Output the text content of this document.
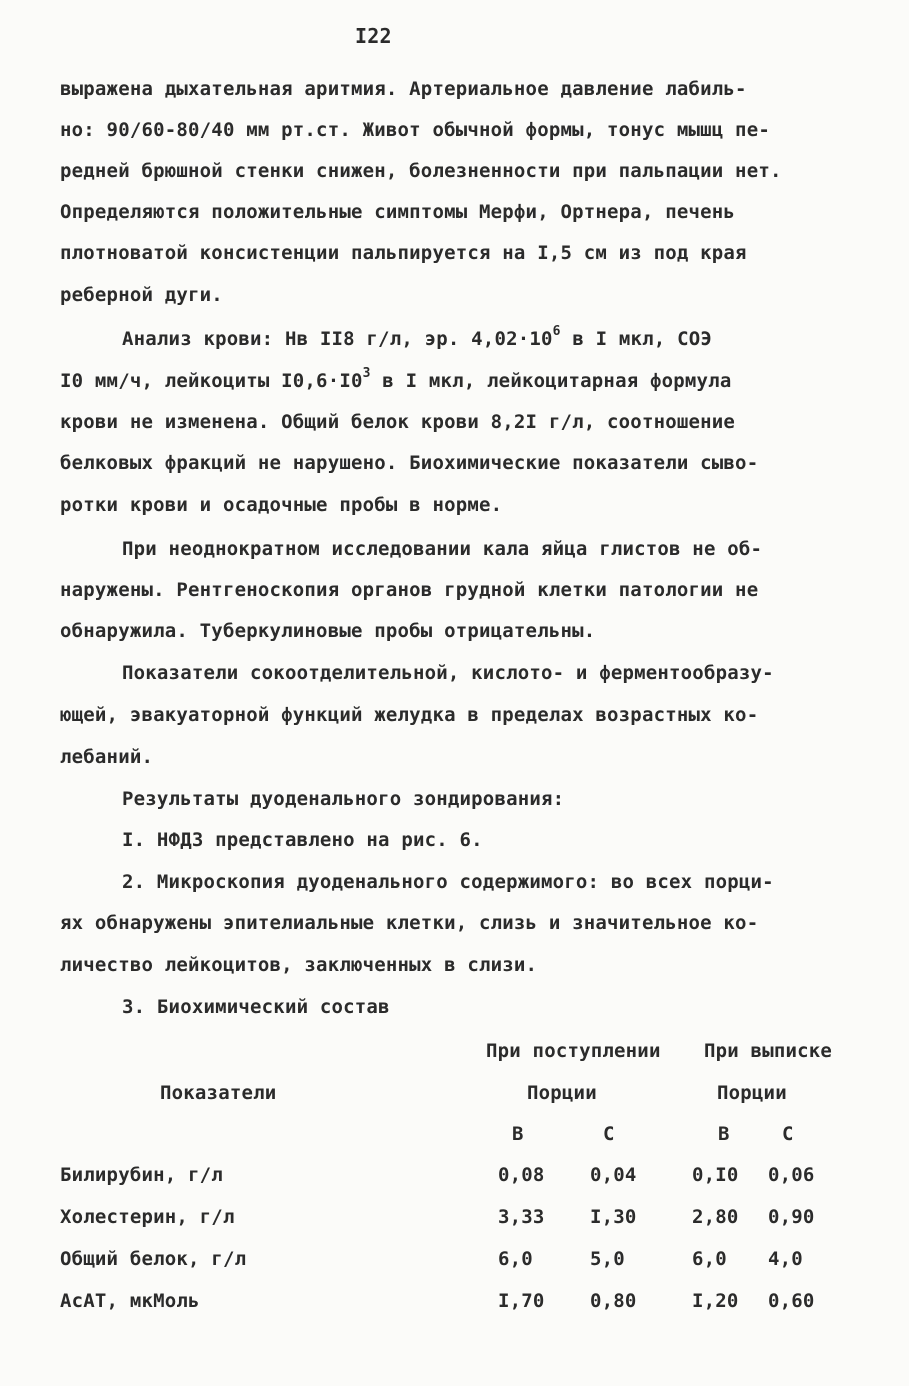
I22
выражена дыхательная аритмия. Артериальное давление лабиль-
но: 90/60-80/40 мм рт.ст. Живот обычной формы, тонус мышц пе-
редней брюшной стенки снижен, болезненности при пальпации нет.
Определяются положительные симптомы Мерфи, Ортнера, печень
плотноватой консистенции пальпируется на I,5 см из под края
реберной дуги.
Анализ крови: Нв II8 г/л, эр. $4,02\cdot 10^6$ в I мкл, СОЭ
I0 мм/ч, лейкоциты $I0,6\cdot I0^3$ в I мкл, лейкоцитарная формула
крови не изменена. Общий белок крови 8,2I г/л, соотношение
белковых фракций не нарушено. Биохимические показатели сыво-
ротки крови и осадочные пробы в норме.
При неоднократном исследовании кала яйца глистов не об-
наружены. Рентгеноскопия органов грудной клетки патологии не
обнаружила. Туберкулиновые пробы отрицательны.
Показатели сокоотделительной, кислото- и ферментообразу-
ющей, эвакуаторной функций желудка в пределах возрастных ко-
лебаний.
Результаты дуоденального зондирования:
I. НФДЗ представлено на рис. 6.
2. Микроскопия дуоденального содержимого: во всех порци-
ях обнаружены эпителиальные клетки, слизь и значительное ко-
личество лейкоцитов, заключенных в слизи.
3. Биохимический состав
При поступлении При выписке
Показатели	Порции	Порции
В	С	В	С
Билирубин, г/л	0,08 0,04	0,I0 0,06
Холестерин, г/л	3,33 I,30	2,80 0,90
Общий белок, г/л	6,0	5,0	6,0 4,0
АсАТ, мкМоль	I,70 0,80	I,20 0,60
